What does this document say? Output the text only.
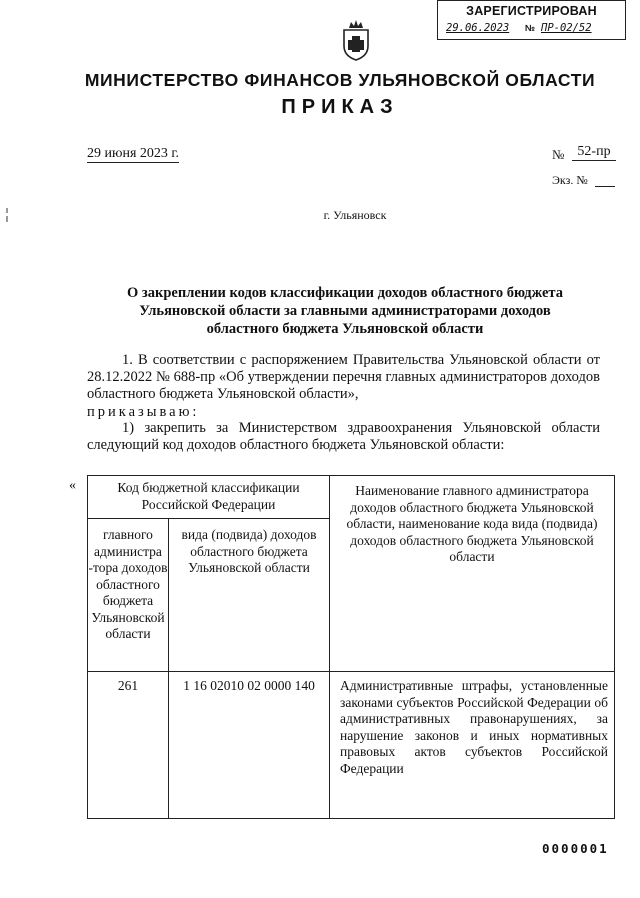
ЗАРЕГИСТРИРОВАН
29.06.2023 № ПР-02/52
МИНИСТЕРСТВО ФИНАНСОВ УЛЬЯНОВСКОЙ ОБЛАСТИ
ПРИКАЗ
29 июня 2023 г.	№ 52-пр
Экз. №
г. Ульяновск
О закреплении кодов классификации доходов областного бюджета Ульяновской области за главными администраторами доходов областного бюджета Ульяновской области
1. В соответствии с распоряжением Правительства Ульяновской области от 28.12.2022 № 688-пр «Об утверждении перечня главных администраторов доходов областного бюджета Ульяновской области»,
приказываю:
1) закрепить за Министерством здравоохранения Ульяновской области следующий код доходов областного бюджета Ульяновской области:
«	Код бюджетной классификации Российской Федерации		Наименование главного администратора доходов областного бюджета Ульяновской области, наименование кода вида (подвида) доходов областного бюджета Ульяновской области
главного администра -тора доходов областного бюджета Ульяновской области	вида (подвида) доходов областного бюджета Ульяновской области	
261	1 16 02010 02 0000 140	Административные штрафы, установленные законами субъектов Российской Федерации об административных правонарушениях, за нарушение законов и иных нормативных правовых актов субъектов Российской Федерации
0000001
